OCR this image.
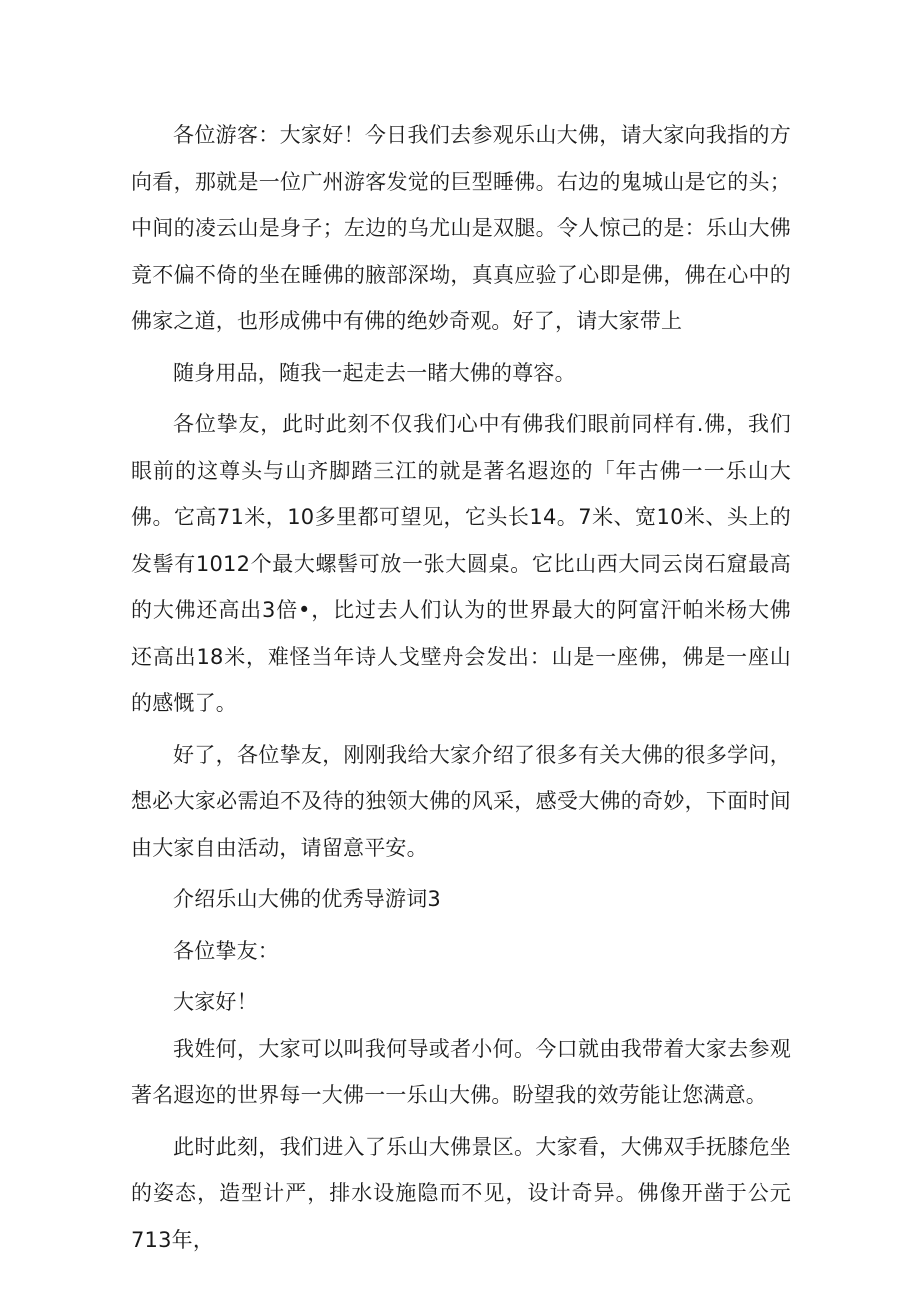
各位游客：大家好！今日我们去参观乐山大佛，请大家向我指的方向看，那就是一位广州游客发觉的巨型睡佛。右边的鬼城山是它的头；中间的凌云山是身子；左边的乌尤山是双腿。令人惊己的是：乐山大佛竟不偏不倚的坐在睡佛的腋部深坳，真真应验了心即是佛，佛在心中的佛家之道，也形成佛中有佛的绝妙奇观。好了，请大家带上

随身用品，随我一起走去一睹大佛的尊容。

各位挚友，此时此刻不仅我们心中有佛我们眼前同样有.佛，我们眼前的这尊头与山齐脚踏三江的就是著名遐迩的「年古佛一一乐山大佛。它高71米，10多里都可望见，它头长14。7米、宽10米、头上的发髻有1012个最大螺髻可放一张大圆桌。它比山西大同云岗石窟最高的大佛还高出3倍•，比过去人们认为的世界最大的阿富汗帕米杨大佛还高出18米，难怪当年诗人戈壁舟会发出：山是一座佛，佛是一座山的感慨了。

好了，各位挚友，刚刚我给大家介绍了很多有关大佛的很多学问，想必大家必需迫不及待的独领大佛的风采，感受大佛的奇妙，下面时间由大家自由活动，请留意平安。

介绍乐山大佛的优秀导游词3

各位挚友：

大家好！

我姓何，大家可以叫我何导或者小何。今口就由我带着大家去参观著名遐迩的世界每一大佛一一乐山大佛。盼望我的效劳能让您满意。

此时此刻，我们进入了乐山大佛景区。大家看，大佛双手抚膝危坐的姿态，造型计严，排水设施隐而不见，设计奇异。佛像开凿于公元713年，
